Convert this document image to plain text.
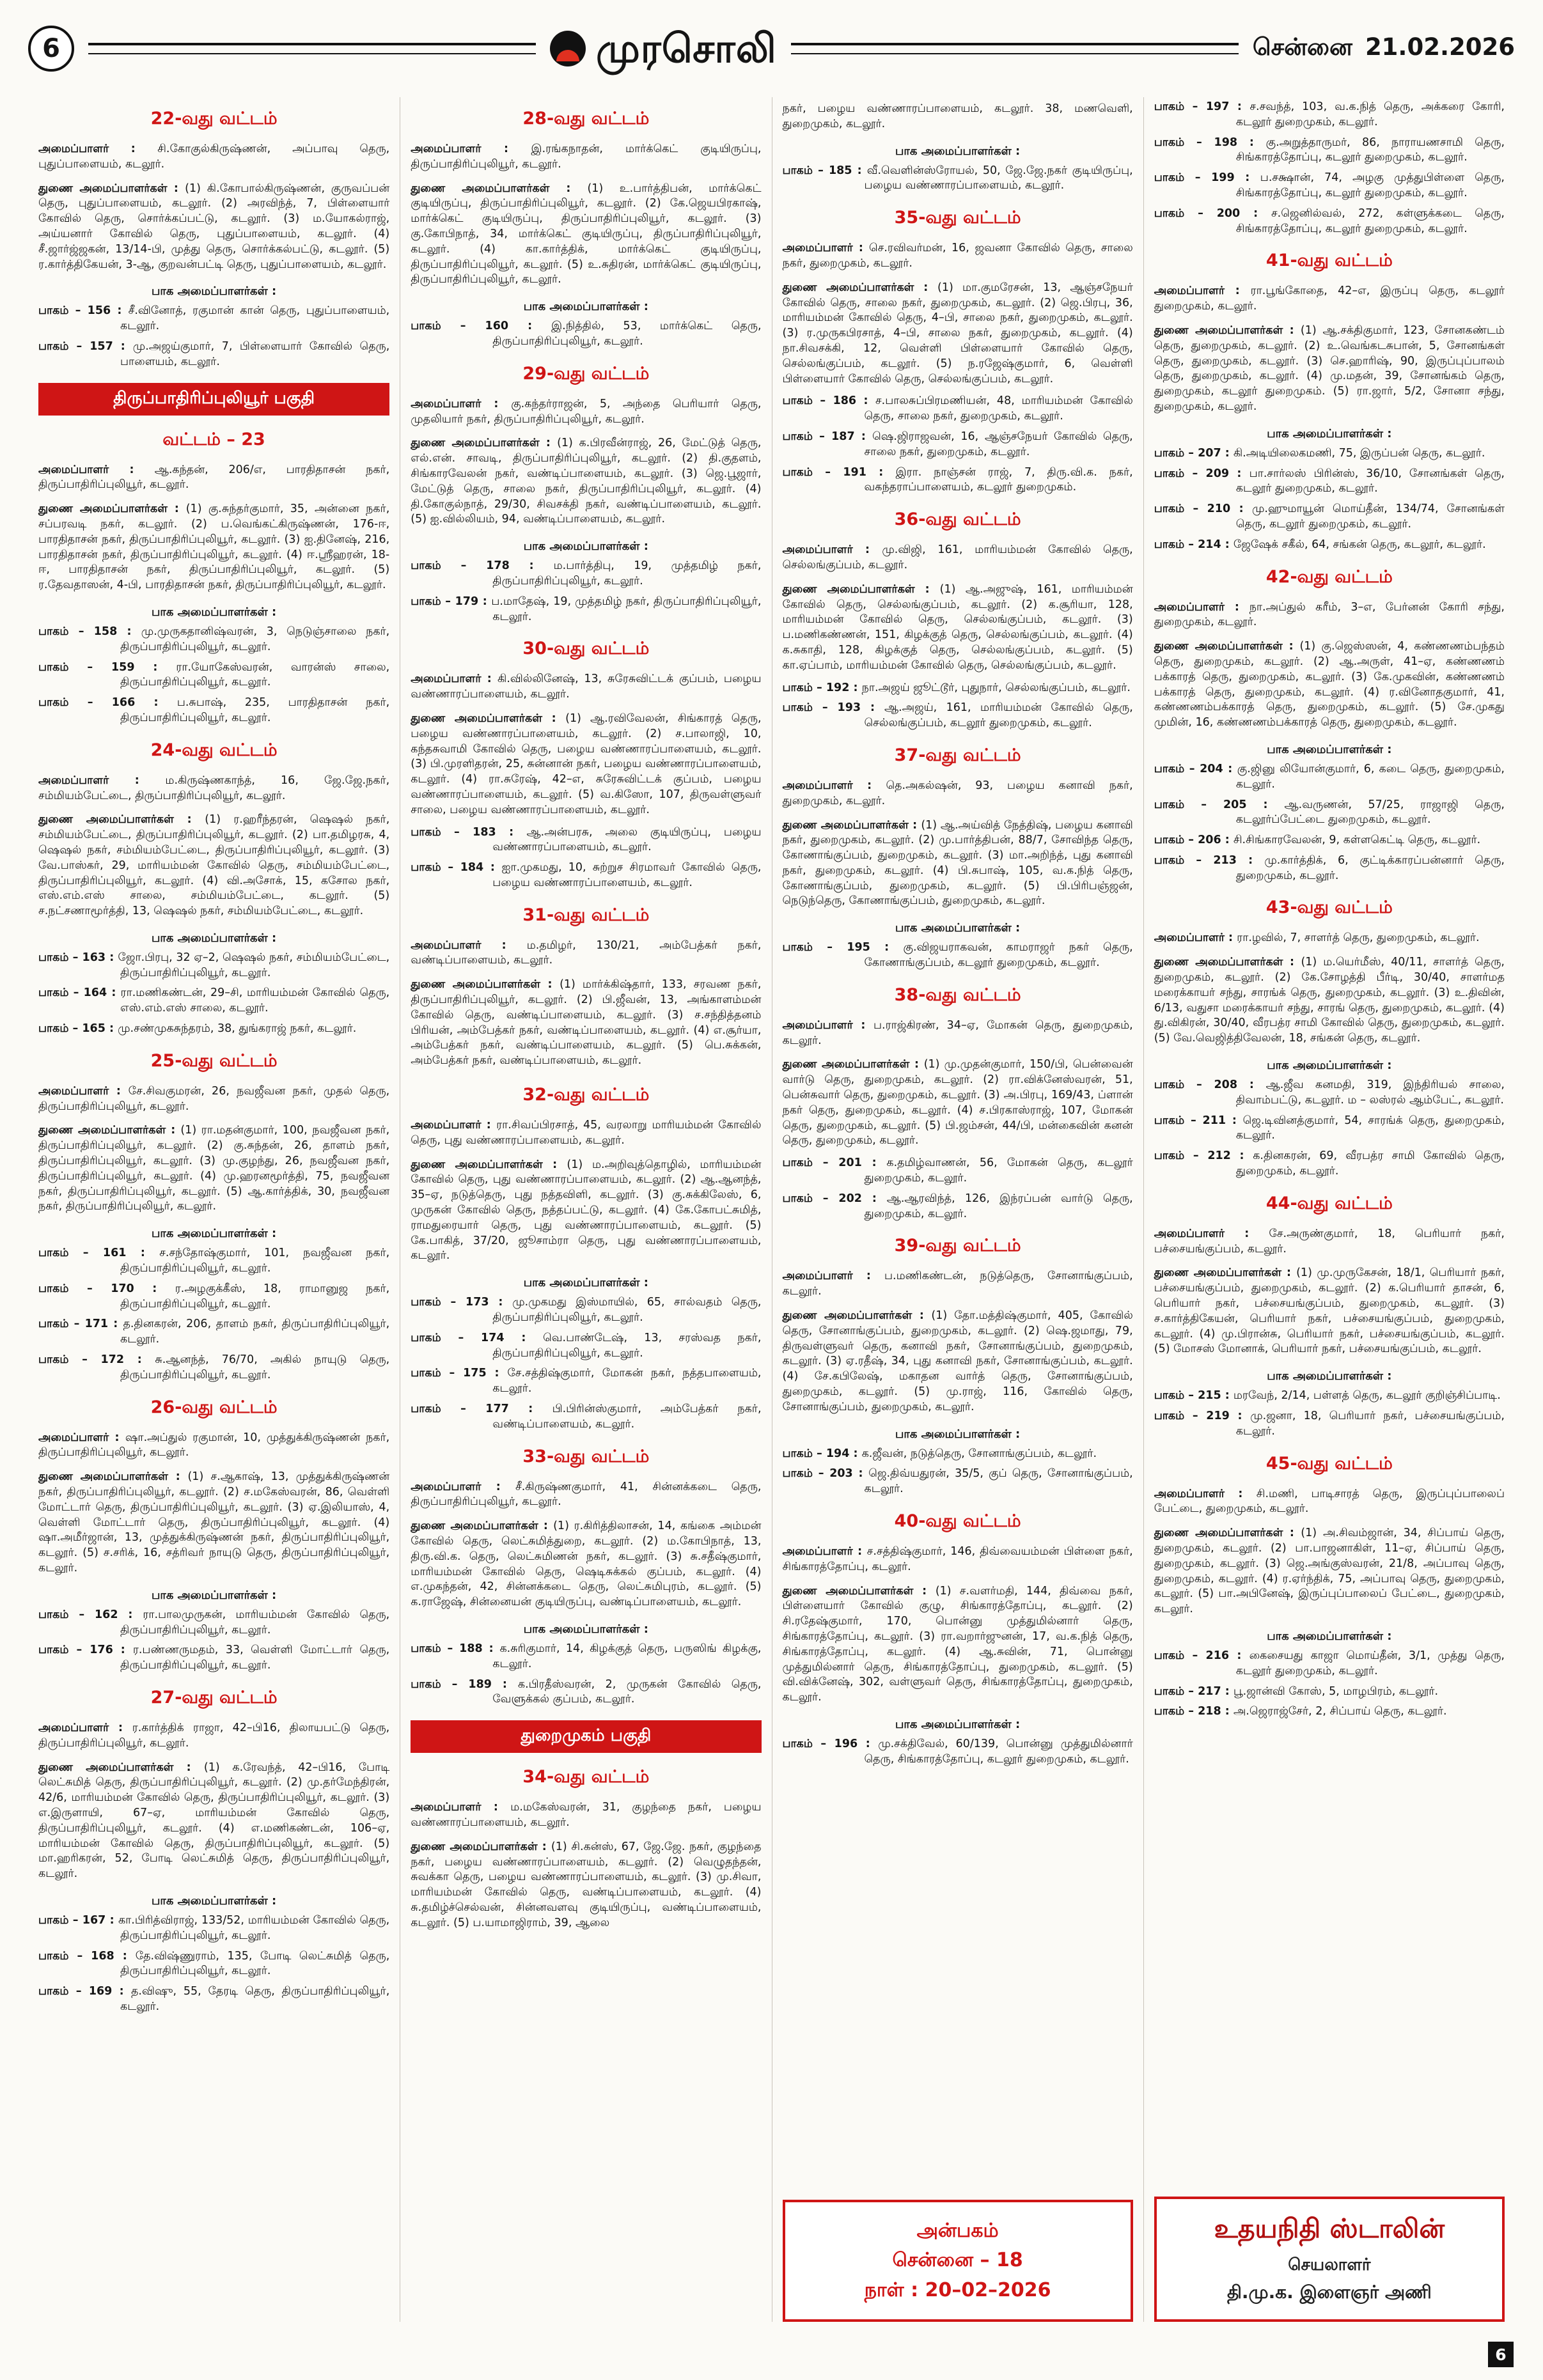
6	முரசொலி	சென்னை 21.02.2026
22-வது வட்டம்

அமைப்பாளர் : சி.கோகுல்கிருஷ்ணன், அப்பாவு தெரு, புதுப்பாளையம், கடலூர்.

துணை அமைப்பாளர்கள் : (1) கி.கோபால்கிருஷ்ணன், குருவப்பன் தெரு, புதுப்பாளையம், கடலூர். (2) அரவிந்த், 7, பிள்ளையார் கோவில் தெரு, சொர்க்கப்பட்டு, கடலூர். (3) ம.யோகல்ராஜ், அய்யனார் கோவில் தெரு, புதுப்பாளையம், கடலூர். (4) சீ.ஜார்ஜ்ஜகன், 13/14-பி, முத்து தெரு, சொர்க்கல்பட்டு, கடலூர். (5) ர.கார்த்திகேயன், 3-ஆ, குறவன்பட்டி தெரு, புதுப்பாளையம், கடலூர்.

பாக அமைப்பாளர்கள் :

பாகம் – 156 : சீ.வினோத், ரகுமான் கான் தெரு, புதுப்பாளையம், கடலூர்.

பாகம் – 157 : மு.அஜய்குமார், 7, பிள்ளையார் கோவில் தெரு, பாளையம், கடலூர்.

திருப்பாதிரிப்புலியூர் பகுதி
வட்டம் – 23

அமைப்பாளர் : ஆ.கந்தன், 206/எ, பாரதிதாசன் நகர், திருப்பாதிரிப்புலியூர், கடலூர்.

துணை அமைப்பாளர்கள் : (1) கு.சுந்தர்குமார், 35, அன்னை நகர், சப்பரவடி நகர், கடலூர். (2) ப.வெங்கட்கிருஷ்ணன், 176-ஈ, பாரதிதாசன் நகர், திருப்பாதிரிப்புலியூர், கடலூர். (3) ஐ.தினேஷ், 216, பாரதிதாசன் நகர், திருப்பாதிரிப்புலியூர், கடலூர். (4) ஈ.ஸ்ரீஹரன், 18-ஈ, பாரதிதாசன் நகர், திருப்பாதிரிப்புலியூர், கடலூர். (5) ர.தேவதாஸன், 4-பி, பாரதிதாசன் நகர், திருப்பாதிரிப்புலியூர், கடலூர்.

பாக அமைப்பாளர்கள் :

பாகம் – 158 : மு.முருகதானிஷ்வரன், 3, நெடுஞ்சாலை நகர், திருப்பாதிரிப்புலியூர், கடலூர்.

பாகம் – 159 : ரா.யோகேஸ்வரன், வாரன்ஸ் சாலை, திருப்பாதிரிப்புலியூர், கடலூர்.

பாகம் – 166 : ப.சுபாஷ், 235, பாரதிதாசன் நகர், திருப்பாதிரிப்புலியூர், கடலூர்.

24-வது வட்டம்

அமைப்பாளர் : ம.கிருஷ்ணகாந்த், 16, ஜே.ஜே.நகர், சம்மியம்பேட்டை, திருப்பாதிரிப்புலியூர், கடலூர்.

துணை அமைப்பாளர்கள் : (1) ர.ஹரீந்தரன், ஷெஷல் நகர், சம்மியம்பேட்டை, திருப்பாதிரிப்புலியூர், கடலூர். (2) பா.தமிழரசு, 4, ஷெஷல் நகர், சம்மியம்பேட்டை, திருப்பாதிரிப்புலியூர், கடலூர். (3) வே.பாஸ்கர், 29, மாரியம்மன் கோவில் தெரு, சம்மியம்பேட்டை, திருப்பாதிரிப்புலியூர், கடலூர். (4) வி.அசோக், 15, கசோல நகர், எஸ்.எம்.எஸ் சாலை, சம்மியம்பேட்டை, கடலூர். (5) ச.நட்சணாமூர்த்தி, 13, ஷெஷல் நகர், சம்மியம்பேட்டை, கடலூர்.

பாக அமைப்பாளர்கள் :

பாகம் – 163 : ஜோ.பிரபு, 32 ஏ–2, ஷெஷல் நகர், சம்மியம்பேட்டை, திருப்பாதிரிப்புலியூர், கடலூர்.

பாகம் – 164 : ரா.மணிகண்டன், 29–சி, மாரியம்மன் கோவில் தெரு, எஸ்.எம்.எஸ் சாலை, கடலூர்.

பாகம் – 165 : மு.சண்முகசுந்தரம், 38, துங்கராஜ் நகர், கடலூர்.

25-வது வட்டம்

அமைப்பாளர் : சே.சிவகுமரன், 26, நவஜீவன நகர், முதல் தெரு, திருப்பாதிரிப்புலியூர், கடலூர்.

துணை அமைப்பாளர்கள் : (1) ரா.மதன்குமார், 100, நவஜீவன நகர், திருப்பாதிரிப்புலியூர், கடலூர். (2) கு.சுந்தன், 26, தாளம் நகர், திருப்பாதிரிப்புலியூர், கடலூர். (3) மு.குழந்து, 26, நவஜீவன நகர், திருப்பாதிரிப்புலியூர், கடலூர். (4) மு.ஹரனமூர்த்தி, 75, நவஜீவன நகர், திருப்பாதிரிப்புலியூர், கடலூர். (5) ஆ.கார்த்திக், 30, நவஜீவன நகர், திருப்பாதிரிப்புலியூர், கடலூர்.

பாக அமைப்பாளர்கள் :

பாகம் – 161 : ச.சந்தோஷ்குமார், 101, நவஜீவன நகர், திருப்பாதிரிப்புலியூர், கடலூர்.

பாகம் – 170 : ர.அழகுக்கீஸ், 18, ராமானுஜ நகர், திருப்பாதிரிப்புலியூர், கடலூர்.

பாகம் – 171 : த.தினகரன், 206, தாளம் நகர், திருப்பாதிரிப்புலியூர், கடலூர்.

பாகம் – 172 : சு.ஆனந்த், 76/70, அகில் நாயுடு தெரு, திருப்பாதிரிப்புலியூர், கடலூர்.

26-வது வட்டம்

அமைப்பாளர் : ஷா.அப்துல் ரகுமான், 10, முத்துக்கிருஷ்ணன் நகர், திருப்பாதிரிப்புலியூர், கடலூர்.

துணை அமைப்பாளர்கள் : (1) ச.ஆகாஷ், 13, முத்துக்கிருஷ்ணன் நகர், திருப்பாதிரிப்புலியூர், கடலூர். (2) ச.மகேஸ்வரன், 86, வெள்ளி மோட்டார் தெரு, திருப்பாதிரிப்புலியூர், கடலூர். (3) ஏ.இலியாஸ், 4, வெள்ளி மோட்டார் தெரு, திருப்பாதிரிப்புலியூர், கடலூர். (4) ஷா.அமீர்ஜான், 13, முத்துக்கிருஷ்ணன் நகர், திருப்பாதிரிப்புலியூர், கடலூர். (5) ச.சரிக், 16, சத்ரிவர் நாயுடு தெரு, திருப்பாதிரிப்புலியூர், கடலூர்.

பாக அமைப்பாளர்கள் :

பாகம் – 162 : ரா.பாலமுருகன், மாரியம்மன் கோவில் தெரு, திருப்பாதிரிப்புலியூர், கடலூர்.

பாகம் – 176 : ர.பண்ணருமதம், 33, வெள்ளி மோட்டார் தெரு, திருப்பாதிரிப்புலியூர், கடலூர்.

27-வது வட்டம்

அமைப்பாளர் : ர.கார்த்திக் ராஜா, 42–பி16, திலாயபட்டு தெரு, திருப்பாதிரிப்புலியூர், கடலூர்.

துணை அமைப்பாளர்கள் : (1) க.ரேவந்த், 42–பி16, போடி லெட்சுமித் தெரு, திருப்பாதிரிப்புலியூர், கடலூர். (2) மு.தர்மேந்திரன், 42/6, மாரியம்மன் கோவில் தெரு, திருப்பாதிரிப்புலியூர், கடலூர். (3) எ.இருளாயி, 67–ஏ, மாரியம்மன் கோவில் தெரு, திருப்பாதிரிப்புலியூர், கடலூர். (4) எ.மணிகண்டன், 106–ஏ, மாரியம்மன் கோவில் தெரு, திருப்பாதிரிப்புலியூர், கடலூர். (5) மா.ஹரிகரன், 52, போடி லெட்சுமித் தெரு, திருப்பாதிரிப்புலியூர், கடலூர்.

பாக அமைப்பாளர்கள் :

பாகம் – 167 : கா.பிரித்விராஜ், 133/52, மாரியம்மன் கோவில் தெரு, திருப்பாதிரிப்புலியூர், கடலூர்.

பாகம் – 168 : தே.விஷ்ணுராம், 135, போடி லெட்சுமித் தெரு, திருப்பாதிரிப்புலியூர், கடலூர்.

பாகம் – 169 : த.விஷு, 55, தேரடி தெரு, திருப்பாதிரிப்புலியூர், கடலூர்.

28-வது வட்டம்

அமைப்பாளர் : இ.ரங்கநாதன், மார்க்கெட் குடியிருப்பு, திருப்பாதிரிப்புலியூர், கடலூர்.

துணை அமைப்பாளர்கள் : (1) உ.பார்த்திபன், மார்க்கெட் குடியிருப்பு, திருப்பாதிரிப்புலியூர், கடலூர். (2) கே.ஜெயபிரகாஷ், மார்க்கெட் குடியிருப்பு, திருப்பாதிரிப்புலியூர், கடலூர். (3) கு.கோபிநாத், 34, மார்க்கெட் குடியிருப்பு, திருப்பாதிரிப்புலியூர், கடலூர். (4) கா.கார்த்திக், மார்க்கெட் குடியிருப்பு, திருப்பாதிரிப்புலியூர், கடலூர். (5) உ.சுதிரன், மார்க்கெட் குடியிருப்பு, திருப்பாதிரிப்புலியூர், கடலூர்.

பாக அமைப்பாளர்கள் :

பாகம் – 160 : இ.நித்தில், 53, மார்க்கெட் தெரு, திருப்பாதிரிப்புலியூர், கடலூர்.

29-வது வட்டம்

அமைப்பாளர் : கு.கந்தர்ராஜன், 5, அந்தை பெரியார் தெரு, முதலியார் நகர், திருப்பாதிரிப்புலியூர், கடலூர்.

துணை அமைப்பாளர்கள் : (1) க.பிரவீன்ராஜ், 26, மேட்டுத் தெரு, எல்.என். சாவடி, திருப்பாதிரிப்புலியூர், கடலூர். (2) தி.குதளம், சிங்காரவேலன் நகர், வண்டிப்பாளையம், கடலூர். (3) ஜெ.பூஜார், மேட்டுத் தெரு, சாலை நகர், திருப்பாதிரிப்புலியூர், கடலூர். (4) தி.கோகுல்நாத், 29/30, சிவசக்தி நகர், வண்டிப்பாளையம், கடலூர். (5) ஐ.வில்லியம், 94, வண்டிப்பாளையம், கடலூர்.

பாக அமைப்பாளர்கள் :

பாகம் – 178 : ம.பார்த்திபு, 19, முத்தமிழ் நகர், திருப்பாதிரிப்புலியூர், கடலூர்.

பாகம் – 179 : ப.மாதேஷ், 19, முத்தமிழ் நகர், திருப்பாதிரிப்புலியூர், கடலூர்.

30-வது வட்டம்

அமைப்பாளர் : கி.வில்லினேஷ், 13, சுரேசுவிட்டக் குப்பம், பழைய வண்ணாரப்பாளையம், கடலூர்.

துணை அமைப்பாளர்கள் : (1) ஆ.ரவிவேலன், சிங்காரத் தெரு, பழைய வண்ணாரப்பாளையம், கடலூர். (2) ச.பாலாஜி, 10, கந்தசுவாமி கோவில் தெரு, பழைய வண்ணாரப்பாளையம், கடலூர். (3) பி.முரளிதரன், 25, சுன்னான் நகர், பழைய வண்ணாரப்பாளையம், கடலூர். (4) ரா.சுரேஷ், 42–எ, சுரேசுவிட்டக் குப்பம், பழைய வண்ணாரப்பாளையம், கடலூர். (5) வ.கிஸோ, 107, திருவள்ளுவர் சாலை, பழைய வண்ணாரப்பாளையம், கடலூர்.

பாகம் – 183 : ஆ.அன்பரசு, அலை குடியிருப்பு, பழைய வண்ணாரப்பாளையம், கடலூர்.

பாகம் – 184 : ஐா.முகமது, 10, சுற்றுச சிரமாவர் கோவில் தெரு, பழைய வண்ணாரப்பாளையம், கடலூர்.

31-வது வட்டம்

அமைப்பாளர் : ம.தமிழர், 130/21, அம்பேத்கர் நகர், வண்டிப்பாளையம், கடலூர்.

துணை அமைப்பாளர்கள் : (1) மார்க்கிஷ்தார், 133, சரவண நகர், திருப்பாதிரிப்புலியூர், கடலூர். (2) பி.ஜீவன், 13, அங்காளம்மன் கோவில் தெரு, வண்டிப்பாளையம், கடலூர். (3) ச.சந்தித்தனம் பிரியன், அம்பேத்கர் நகர், வண்டிப்பாளையம், கடலூர். (4) எ.சூர்யா, அம்பேத்கர் நகர், வண்டிப்பாளையம், கடலூர். (5) பெ.சுக்கன், அம்பேத்கர் நகர், வண்டிப்பாளையம், கடலூர்.

32-வது வட்டம்

அமைப்பாளர் : ரா.சிவப்பிரசாத், 45, வரலாறு மாரியம்மன் கோவில் தெரு, புது வண்ணாரப்பாளையம், கடலூர்.

துணை அமைப்பாளர்கள் : (1) ம.அறிவுத்தொழில், மாரியம்மன் கோவில் தெரு, புது வண்ணாரப்பாளையம், கடலூர். (2) ஆ.ஆனந்த், 35–ஏ, நடுத்தெரு, புது நத்தவிளி, கடலூர். (3) கு.சுக்கிலேஸ், 6, முருகன் கோவில் தெரு, நத்தப்பட்டு, கடலூர். (4) கே.கோபட்சுமித், ராமதுரையார் தெரு, புது வண்ணாரப்பாளையம், கடலூர். (5) கே.பாகித், 37/20, ஜூசாம்ரா தெரு, புது வண்ணாரப்பாளையம், கடலூர்.

பாக அமைப்பாளர்கள் :

பாகம் – 173 : மு.முகமது இஸ்மாயில், 65, சால்வதம் தெரு, திருப்பாதிரிப்புலியூர், கடலூர்.

பாகம் – 174 : வெ.பாண்டேஷ், 13, சரஸ்வத நகர், திருப்பாதிரிப்புலியூர், கடலூர்.

பாகம் – 175 : சே.சத்திஷ்குமார், மோகன் நகர், நத்தபாளையம், கடலூர்.

பாகம் – 177 : பி.பிரின்ஸ்குமார், அம்பேத்கர் நகர், வண்டிப்பாளையம், கடலூர்.

33-வது வட்டம்

அமைப்பாளர் : சீ.கிருஷ்ணகுமார், 41, சின்னக்கடை தெரு, திருப்பாதிரிப்புலியூர், கடலூர்.

துணை அமைப்பாளர்கள் : (1) ர.கிரித்திலாசன், 14, கங்கை அம்மன் கோவில் தெரு, லெட்சுமித்துறை, கடலூர். (2) ம.கோபிநாத், 13, திரு.வி.க. தெரு, லெட்சுமிணன் நகர், கடலூர். (3) சு.சதீஷ்குமார், மாரியம்மன் கோவில் தெரு, ஷெடிசுக்கல் குப்பம், கடலூர். (4) எ.முகந்தன், 42, சின்னக்கடை தெரு, லெட்சுமிபுரம், கடலூர். (5) க.ராஜேஷ், சின்னையன் குடியிருப்பு, வண்டிப்பாளையம், கடலூர்.

பாக அமைப்பாளர்கள் :

பாகம் – 188 : க.சுரிகுமார், 14, கிழக்குத் தெரு, பருஸிங் கிழக்கு, கடலூர்.

பாகம் – 189 : க.பிரதீஸ்வரன், 2, முருகன் கோவில் தெரு, வேளுக்கல் குப்பம், கடலூர்.

துறைமுகம் பகுதி
34-வது வட்டம்

அமைப்பாளர் : ம.மகேஸ்வரன், 31, குழந்தை நகர், பழைய வண்ணாரப்பாளையம், கடலூர்.

துணை அமைப்பாளர்கள் : (1) சி.கன்ஸ், 67, ஜே.ஜே. நகர், குழந்தை நகர், பழைய வண்ணாரப்பாளையம், கடலூர். (2) வெழுதந்தன், சுவக்கா தெரு, பழைய வண்ணாரப்பாளையம், கடலூர். (3) மு.சிவா, மாரியம்மன் கோவில் தெரு, வண்டிப்பாளையம், கடலூர். (4) சு.தமிழ்ச்செல்வன், சின்னவளவு குடியிருப்பு, வண்டிப்பாளையம், கடலூர். (5) ப.யாமாஜிராம், 39, ஆலை

நகர், பழைய வண்ணாரப்பாளையம், கடலூர். 38, மணவெளி, துறைமுகம், கடலூர்.

பாக அமைப்பாளர்கள் :

பாகம் – 185 : வீ.வெளின்ஸ்ரோயல், 50, ஜே.ஜே.நகர் குடியிருப்பு, பழைய வண்ணாரப்பாளையம், கடலூர்.

35-வது வட்டம்

அமைப்பாளர் : செ.ரவிவர்மன், 16, ஜவனா கோவில் தெரு, சாலை நகர், துறைமுகம், கடலூர்.

துணை அமைப்பாளர்கள் : (1) மா.குமரேசன், 13, ஆஞ்சநேயர் கோவில் தெரு, சாலை நகர், துறைமுகம், கடலூர். (2) ஜெ.பிரபு, 36, மாரியம்மன் கோவில் தெரு, 4–பி, சாலை நகர், துறைமுகம், கடலூர். (3) ர.முருகபிரசாத், 4–பி, சாலை நகர், துறைமுகம், கடலூர். (4) நா.சிவசக்கி, 12, வெள்ளி பிள்ளையார் கோவில் தெரு, செல்லங்குப்பம், கடலூர். (5) ந.ரஜேஷ்குமார், 6, வெள்ளி பிள்ளையார் கோவில் தெரு, செல்லங்குப்பம், கடலூர்.

பாகம் – 186 : ச.பாலசுப்பிரமணியன், 48, மாரியம்மன் கோவில் தெரு, சாலை நகர், துறைமுகம், கடலூர்.

பாகம் – 187 : ஷெ.ஜிராஜவன், 16, ஆஞ்சநேயர் கோவில் தெரு, சாலை நகர், துறைமுகம், கடலூர்.

பாகம் – 191 : இரா. நாஞ்சன் ராஜ், 7, திரு.வி.க. நகர், வகந்தராப்பாளையம், கடலூர் துறைமுகம்.

36-வது வட்டம்

அமைப்பாளர் : மு.விஜி, 161, மாரியம்மன் கோவில் தெரு, செல்லங்குப்பம், கடலூர்.

துணை அமைப்பாளர்கள் : (1) ஆ.அஜுஷ், 161, மாரியம்மன் கோவில் தெரு, செல்லங்குப்பம், கடலூர். (2) க.சூரியா, 128, மாரியம்மன் கோவில் தெரு, செல்லங்குப்பம், கடலூர். (3) ப.மணிகண்ணன், 151, கிழக்குத் தெரு, செல்லங்குப்பம், கடலூர். (4) க.சுகாதி, 128, கிழக்குத் தெரு, செல்லங்குப்பம், கடலூர். (5) கா.ஏப்பாம், மாரியம்மன் கோவில் தெரு, செல்லங்குப்பம், கடலூர்.

பாகம் – 192 : நா.அஜய் ஜூட்டூர், புதுநார், செல்லங்குப்பம், கடலூர்.

பாகம் – 193 : ஆ.அஜய், 161, மாரியம்மன் கோவில் தெரு, செல்லங்குப்பம், கடலூர் துறைமுகம், கடலூர்.

37-வது வட்டம்

அமைப்பாளர் : தெ.அகல்ஷன், 93, பழைய கனாவி நகர், துறைமுகம், கடலூர்.

துணை அமைப்பாளர்கள் : (1) ஆ.அய்வித் நேத்திஷ், பழைய கனாவி நகர், துறைமுகம், கடலூர். (2) மு.பார்த்திபன், 88/7, சோவிந்த தெரு, கோணாங்குப்பம், துறைமுகம், கடலூர். (3) மா.அறிந்த், புது கனாவி நகர், துறைமுகம், கடலூர். (4) பி.சுபாஷ், 105, வ.க.நித் தெரு, கோணாங்குப்பம், துறைமுகம், கடலூர். (5) பி.பிரிபஞ்ஜன், நெடுந்தெரு, கோணாங்குப்பம், துறைமுகம், கடலூர்.

பாக அமைப்பாளர்கள் :

பாகம் – 195 : கு.விஜயராகவன், காமராஜர் நகர் தெரு, கோணாங்குப்பம், கடலூர் துறைமுகம், கடலூர்.

38-வது வட்டம்

அமைப்பாளர் : ப.ராஜ்கிரண், 34–ஏ, மோகன் தெரு, துறைமுகம், கடலூர்.

துணை அமைப்பாளர்கள் : (1) மு.முதன்குமார், 150/பி, பென்வைன் வார்டு தெரு, துறைமுகம், கடலூர். (2) ரா.விக்னேஸ்வரன், 51, பென்சுவார் தெரு, துறைமுகம், கடலூர். (3) அ.பிரபு, 169/43, ப்ளான் நகர் தெரு, துறைமுகம், கடலூர். (4) ச.பிரகாஸ்ராஜ், 107, மோகன் தெரு, துறைமுகம், கடலூர். (5) பி.ஜம்சன், 44/பி, மன்கைவின் கனன் தெரு, துறைமுகம், கடலூர்.

பாகம் – 201 : க.தமிழ்வாணன், 56, மோகன் தெரு, கடலூர் துறைமுகம், கடலூர்.

பாகம் – 202 : ஆ.ஆரவிந்த், 126, இந்ரப்பன் வார்டு தெரு, துறைமுகம், கடலூர்.

39-வது வட்டம்

அமைப்பாளர் : ப.மணிகண்டன், நடுத்தெரு, சோனாங்குப்பம், கடலூர்.

துணை அமைப்பாளர்கள் : (1) தோ.மத்திஷ்குமார், 405, கோவில் தெரு, சோனாங்குப்பம், துறைமுகம், கடலூர். (2) ஷெ.ஜமாது, 79, திருவள்ளுவர் தெரு, கனாவி நகர், சோனாங்குப்பம், துறைமுகம், கடலூர். (3) ஏ.ரதீஷ், 34, புது கனாவி நகர், சோனாங்குப்பம், கடலூர். (4) சே.கபிலேஷ், மகாதன வார்த் தெரு, சோனாங்குப்பம், துறைமுகம், கடலூர். (5) மு.ராஜ், 116, கோவில் தெரு, சோனாங்குப்பம், துறைமுகம், கடலூர்.

பாக அமைப்பாளர்கள் :

பாகம் – 194 : க.ஜீவன், நடுத்தெரு, சோனாங்குப்பம், கடலூர்.

பாகம் – 203 : ஜெ.திவ்யதுரன், 35/5, குப் தெரு, சோனாங்குப்பம், கடலூர்.

40-வது வட்டம்

அமைப்பாளர் : ச.சத்திஷ்குமார், 146, திவ்வையம்மன் பிள்ளை நகர், சிங்காரத்தோப்பு, கடலூர்.

துணை அமைப்பாளர்கள் : (1) ச.வளர்மதி, 144, திவ்வை நகர், பிள்ளையார் கோவில் குழு, சிங்காரத்தோப்பு, கடலூர். (2) சி.ரதேஷ்குமார், 170, பொன்னு முத்துமில்னார் தெரு, சிங்காரத்தோப்பு, கடலூர். (3) ரா.வறார்ஜுனன், 17, வ.க.நித் தெரு, சிங்காரத்தோப்பு, கடலூர். (4) ஆ.சுவின், 71, பொன்னு முத்துமில்னார் தெரு, சிங்காரத்தோப்பு, துறைமுகம், கடலூர். (5) வி.விக்னேஷ், 302, வள்ளுவர் தெரு, சிங்காரத்தோப்பு, துறைமுகம், கடலூர்.

பாக அமைப்பாளர்கள் :

பாகம் – 196 : மு.சக்திவேல், 60/139, பொன்னு முத்துமில்னார் தெரு, சிங்காரத்தோப்பு, கடலூர் துறைமுகம், கடலூர்.

அன்பகம்
சென்னை – 18
நாள் : 20–02–2026

பாகம் – 197 : ச.சவந்த், 103, வ.க.நித் தெரு, அக்கரை கோரி, கடலூர் துறைமுகம், கடலூர்.

பாகம் – 198 : கு.அறுத்தாருமர், 86, நாராயணசாமி தெரு, சிங்காரத்தோப்பு, கடலூர் துறைமுகம், கடலூர்.

பாகம் – 199 : ப.சக்ஷான், 74, அழகு முத்துபிள்ளை தெரு, சிங்காரத்தோப்பு, கடலூர் துறைமுகம், கடலூர்.

பாகம் – 200 : ச.ஜெனில்வல், 272, கள்ளுக்கடை தெரு, சிங்காரத்தோப்பு, கடலூர் துறைமுகம், கடலூர்.

41-வது வட்டம்

அமைப்பாளர் : ரா.பூங்கோதை, 42–எ, இருப்பு தெரு, கடலூர் துறைமுகம், கடலூர்.

துணை அமைப்பாளர்கள் : (1) ஆ.சக்திகுமார், 123, சோனகண்டம் தெரு, துறைமுகம், கடலூர். (2) உ.வெங்கடசுபான், 5, சோனங்கள் தெரு, துறைமுகம், கடலூர். (3) செ.ஹாரிஷ், 90, இருப்புப்பாலம் தெரு, துறைமுகம், கடலூர். (4) மு.மதன், 39, சோனங்கம் தெரு, துறைமுகம், கடலூர் துறைமுகம். (5) ரா.ஜார், 5/2, சோனா சந்து, துறைமுகம், கடலூர்.

பாக அமைப்பாளர்கள் :

பாகம் – 207 : கி.அடியிலைகமணி, 75, இருப்பன் தெரு, கடலூர்.

பாகம் – 209 : பா.சார்லஸ் பிரின்ஸ், 36/10, சோனங்கள் தெரு, கடலூர் துறைமுகம், கடலூர்.

பாகம் – 210 : மு.ஹுமாயூன் மொய்தீன், 134/74, சோனங்கள் தெரு, கடலூர் துறைமுகம், கடலூர்.

பாகம் – 214 : ஜேஷேக் சகீல், 64, சங்கன் தெரு, கடலூர், கடலூர்.

42-வது வட்டம்

அமைப்பாளர் : நா.அப்துல் கரீம், 3–எ, பேர்னன் கோரி சந்து, துறைமுகம், கடலூர்.

துணை அமைப்பாளர்கள் : (1) கு.ஜெஸ்ஸன், 4, கண்ணணம்பந்தம் தெரு, துறைமுகம், கடலூர். (2) ஆ.அருள், 41–ஏ, கண்ணணம் பக்காரத் தெரு, துறைமுகம், கடலூர். (3) கே.முகவின், கண்ணணம் பக்காரத் தெரு, துறைமுகம், கடலூர். (4) ர.வினோதகுமார், 41, கண்ணணம்பக்காரத் தெரு, துறைமுகம், கடலூர். (5) சே.முகது முமின், 16, கண்ணணம்பக்காரத் தெரு, துறைமுகம், கடலூர்.

பாக அமைப்பாளர்கள் :

பாகம் – 204 : கு.ஜினு லியோன்குமார், 6, கடை தெரு, துறைமுகம், கடலூர்.

பாகம் – 205 : ஆ.வருணன், 57/25, ராஜாஜி தெரு, கடலூர்ப்பேட்டை துறைமுகம், கடலூர்.

பாகம் – 206 : சி.சிங்காரவேலன், 9, கள்ளகெட்டி தெரு, கடலூர்.

பாகம் – 213 : மு.கார்த்திக், 6, குட்டிக்காரப்பன்னார் தெரு, துறைமுகம், கடலூர்.

43-வது வட்டம்

அமைப்பாளர் : ரா.ழவில், 7, சாளர்த் தெரு, துறைமுகம், கடலூர்.

துணை அமைப்பாளர்கள் : (1) ம.யெர்மீஸ், 40/11, சாளர்த் தெரு, துறைமுகம், கடலூர். (2) கே.சோழத்தி பீர்டி, 30/40, சாளர்மத மரைக்காயர் சந்து, சாரங்க் தெரு, துறைமுகம், கடலூர். (3) உ.திவின், 6/13, வதுசா மரைக்காயர் சந்து, சாரங் தெரு, துறைமுகம், கடலூர். (4) து.விகிரன், 30/40, வீரபத்ர சாமி கோவில் தெரு, துறைமுகம், கடலூர். (5) வே.வெஜித்திவேலன், 18, சங்கன் தெரு, கடலூர்.

பாக அமைப்பாளர்கள் :

பாகம் – 208 : ஆ.ஜீவ கனமதி, 319, இந்திரியல் சாலை, திவாம்பட்டு, கடலூர். ம – லஸ்ரல் ஆம்பேட், கடலூர்.

பாகம் – 211 : ஜெ.டிவினத்குமார், 54, சாரங்க் தெரு, துறைமுகம், கடலூர்.

பாகம் – 212 : க.தினகரன், 69, வீரபத்ர சாமி கோவில் தெரு, துறைமுகம், கடலூர்.

44-வது வட்டம்

அமைப்பாளர் : சே.அருண்குமார், 18, பெரியார் நகர், பச்சையங்குப்பம், கடலூர்.

துணை அமைப்பாளர்கள் : (1) மு.முருகேசன், 18/1, பெரியார் நகர், பச்சையங்குப்பம், துறைமுகம், கடலூர். (2) க.பெரியார் தாசன், 6, பெரியார் நகர், பச்சையங்குப்பம், துறைமுகம், கடலூர். (3) ச.கார்த்திகேயன், பெரியார் நகர், பச்சையங்குப்பம், துறைமுகம், கடலூர். (4) மு.பிரான்சு, பெரியார் நகர், பச்சையங்குப்பம், கடலூர். (5) மோசஸ் மோனாக், பெரியார் நகர், பச்சையங்குப்பம், கடலூர்.

பாக அமைப்பாளர்கள் :

பாகம் – 215 : மரவேந், 2/14, பள்ளத் தெரு, கடலூர் குறிஞ்சிப்பாடி.

பாகம் – 219 : மு.ஜனா, 18, பெரியார் நகர், பச்சையங்குப்பம், கடலூர்.

45-வது வட்டம்

அமைப்பாளர் : சி.மணி, பாடிசாரத் தெரு, இருப்புப்பாலைப் பேட்டை, துறைமுகம், கடலூர்.

துணை அமைப்பாளர்கள் : (1) அ.சிவம்ஜான், 34, சிப்பாய் தெரு, துறைமுகம், கடலூர். (2) பா.பாஜனாகிள், 11–ஏ, சிப்பாய் தெரு, துறைமுகம், கடலூர். (3) ஜெ.அங்குஸ்வரன், 21/8, அப்பாவு தெரு, துறைமுகம், கடலூர். (4) ர.ஏர்ந்திக், 75, அப்பாவு தெரு, துறைமுகம், கடலூர். (5) பா.அபினேஷ், இருப்புப்பாலைப் பேட்டை, துறைமுகம், கடலூர்.

பாக அமைப்பாளர்கள் :

பாகம் – 216 : கைசையது காஜா மொய்தீன், 3/1, முத்து தெரு, கடலூர் துறைமுகம், கடலூர்.

பாகம் – 217 : பூ.ஜான்வி கோஸ், 5, மாழபிரம், கடலூர்.

பாகம் – 218 : அ.ஜெராஜ்சேர், 2, சிப்பாய் தெரு, கடலூர்.

உதயநிதி ஸ்டாலின்
செயலாளர்
தி.மு.க. இளைஞர் அணி
6
